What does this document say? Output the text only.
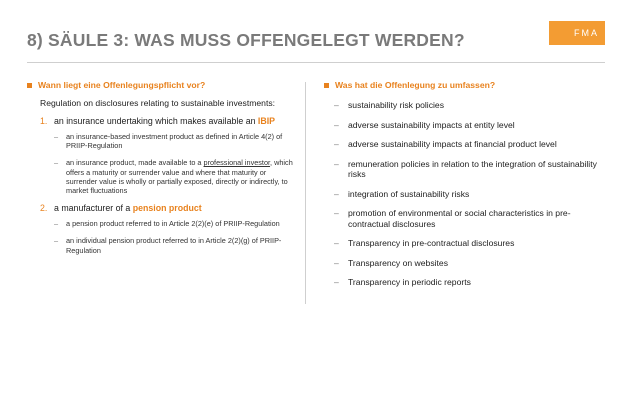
8) SÄULE 3: WAS MUSS OFFENGELEGT WERDEN?	FMA
Wann liegt eine Offenlegungspflicht vor?
Regulation on disclosures relating to sustainable investments:
1. an insurance undertaking which makes available an IBIP
–	an insurance-based investment product as defined in Article 4(2) of PRIIP-Regulation
–	an insurance product, made available to a professional investor, which offers a maturity or surrender value and where that maturity or surrender value is wholly or partially exposed, directly or indirectly, to market fluctuations
2. a manufacturer of a pension product
–	a pension product referred to in Article 2(2)(e) of PRIIP-Regulation
–	an individual pension product referred to in Article 2(2)(g) of PRIIP-Regulation
Was hat die Offenlegung zu umfassen?
–	sustainability risk policies
–	adverse sustainability impacts at entity level
–	adverse sustainability impacts at financial product level
–	remuneration policies in relation to the integration of sustainability risks
–	integration of sustainability risks
–	promotion of environmental or social characteristics in pre-contractual disclosures
–	Transparency in pre-contractual disclosures
–	Transparency on websites
–	Transparency in periodic reports
